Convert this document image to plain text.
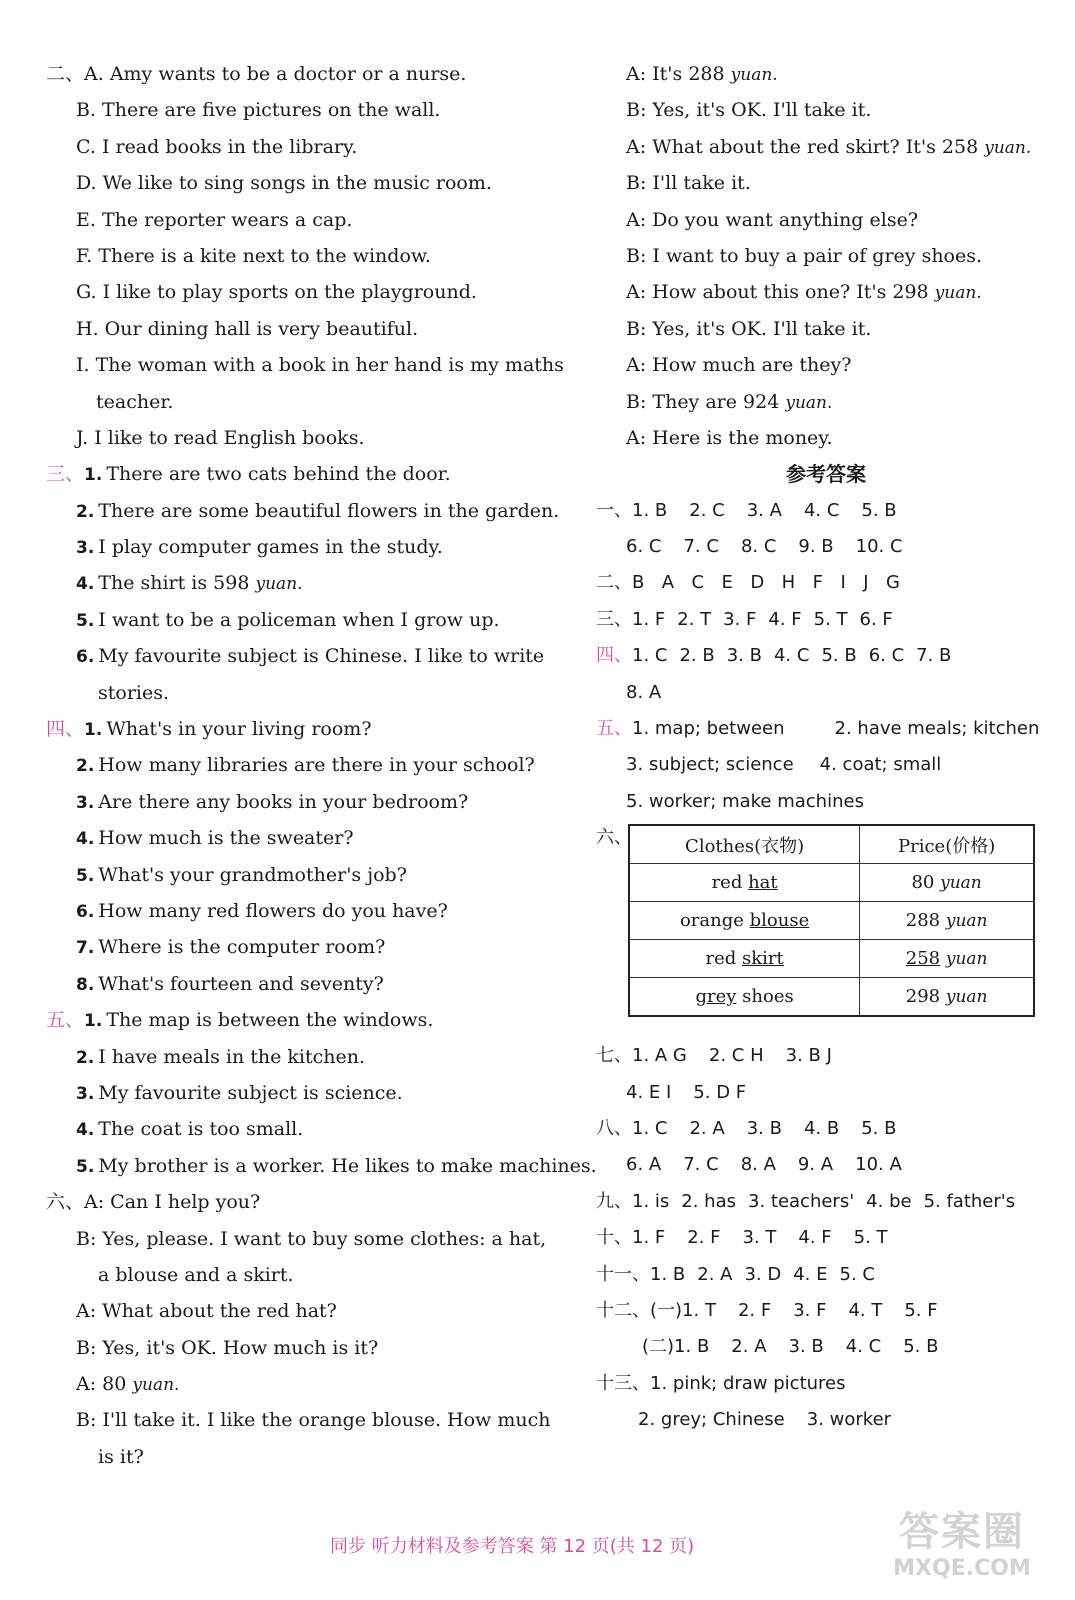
二、A. Amy wants to be a doctor or a nurse.
B. There are five pictures on the wall.
C. I read books in the library.
D. We like to sing songs in the music room.
E. The reporter wears a cap.
F. There is a kite next to the window.
G. I like to play sports on the playground.
H. Our dining hall is very beautiful.
I. The woman with a book in her hand is my maths
teacher.
J. I like to read English books.
三、1. There are two cats behind the door.
2. There are some beautiful flowers in the garden.
3. I play computer games in the study.
4. The shirt is 598 yuan.
5. I want to be a policeman when I grow up.
6. My favourite subject is Chinese. I like to write
stories.
四、1. What's in your living room?
2. How many libraries are there in your school?
3. Are there any books in your bedroom?
4. How much is the sweater?
5. What's your grandmother's job?
6. How many red flowers do you have?
7. Where is the computer room?
8. What's fourteen and seventy?
五、1. The map is between the windows.
2. I have meals in the kitchen.
3. My favourite subject is science.
4. The coat is too small.
5. My brother is a worker. He likes to make machines.
六、A: Can I help you?
B: Yes, please. I want to buy some clothes: a hat,
a blouse and a skirt.
A: What about the red hat?
B: Yes, it's OK. How much is it?
A: 80 yuan.
B: I'll take it. I like the orange blouse. How much
is it?
A: It's 288 yuan.
B: Yes, it's OK. I'll take it.
A: What about the red skirt? It's 258 yuan.
B: I'll take it.
A: Do you want anything else?
B: I want to buy a pair of grey shoes.
A: How about this one? It's 298 yuan.
B: Yes, it's OK. I'll take it.
A: How much are they?
B: They are 924 yuan.
A: Here is the money.
参考答案
一、1. B 2. C 3. A 4. C 5. B
6. C 7. C 8. C 9. B 10. C
二、B  A  C  E  D  H  F  I  J  G
三、1. F 2. T 3. F 4. F 5. T 6. F
四、1. C 2. B 3. B 4. C 5. B 6. C 7. B
8. A
五、1. map; between	2. have meals; kitchen
3. subject; science 4. coat; small
5. worker; make machines
六、
七、1. A G 2. C H 3. B J
4. E I 5. D F
八、1. C 2. A 3. B 4. B 5. B
6. A 7. C 8. A 9. A 10. A
九、1. is 2. has 3. teachers' 4. be 5. father's
十、1. F 2. F 3. T 4. F 5. T
十一、1. B 2. A 3. D 4. E 5. C
十二、(一)1. T 2. F 3. F 4. T 5. F
(二)1. B 2. A 3. B 4. C 5. B
十三、1. pink; draw pictures
2. grey; Chinese 3. worker
Clothes(衣物)	Price(价格)
red hat	80 yuan
orange blouse	288 yuan
red skirt	258 yuan
grey shoes	298 yuan
同步 听力材料及参考答案 第 12 页(共 12 页)	答案圈
MXQE.COM
